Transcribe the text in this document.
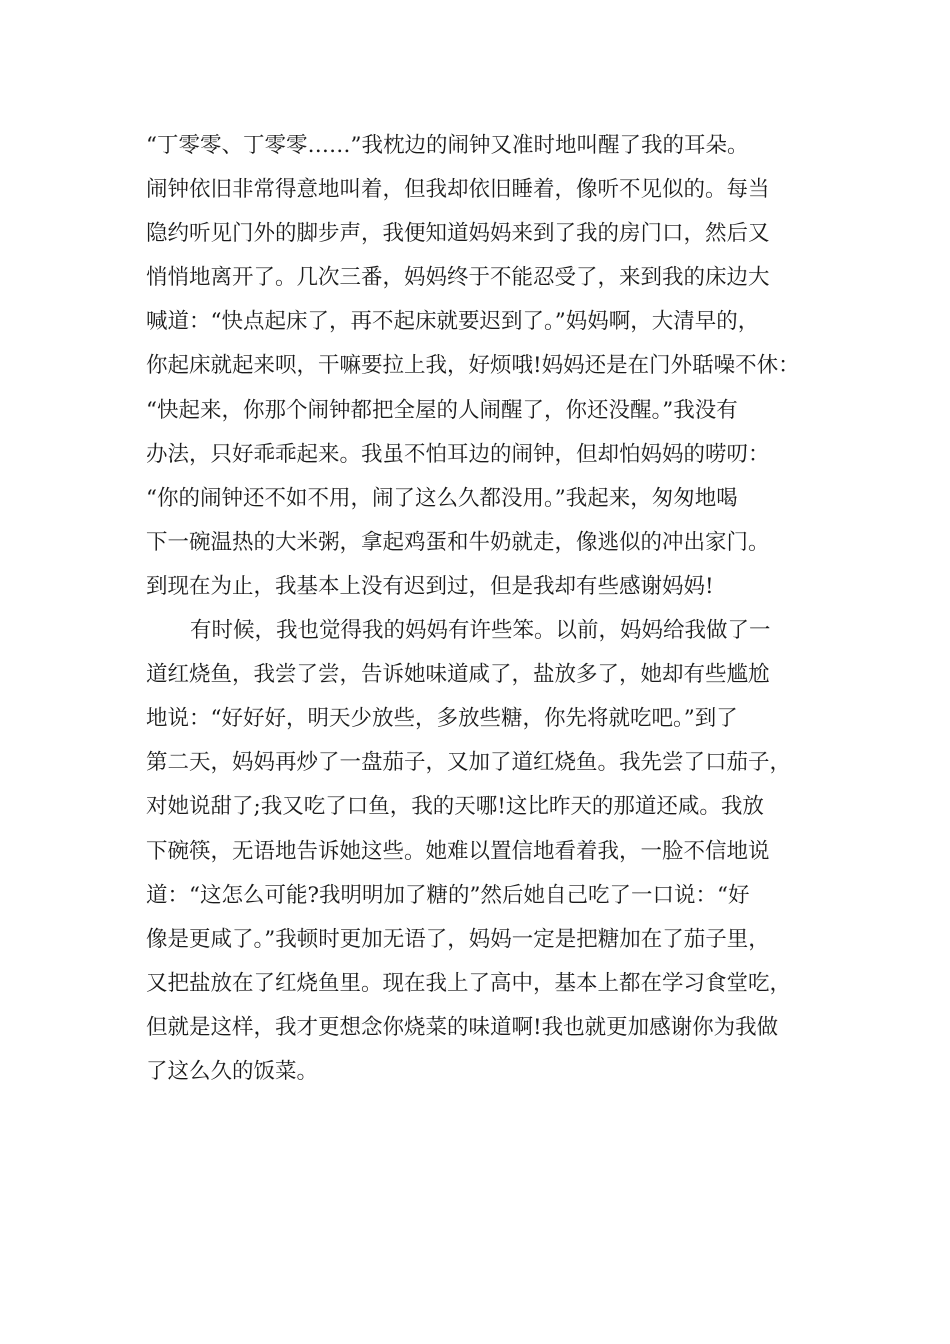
“丁零零、丁零零……”我枕边的闹钟又准时地叫醒了我的耳朵。
闹钟依旧非常得意地叫着，但我却依旧睡着，像听不见似的。每当
隐约听见门外的脚步声，我便知道妈妈来到了我的房门口，然后又
悄悄地离开了。几次三番，妈妈终于不能忍受了，来到我的床边大
喊道：“快点起床了，再不起床就要迟到了。”妈妈啊，大清早的，
你起床就起来呗，干嘛要拉上我，好烦哦!妈妈还是在门外聒噪不休：
“快起来，你那个闹钟都把全屋的人闹醒了，你还没醒。”我没有
办法，只好乖乖起来。我虽不怕耳边的闹钟，但却怕妈妈的唠叨：
“你的闹钟还不如不用，闹了这么久都没用。”我起来，匆匆地喝
下一碗温热的大米粥，拿起鸡蛋和牛奶就走，像逃似的冲出家门。
到现在为止，我基本上没有迟到过，但是我却有些感谢妈妈!
有时候，我也觉得我的妈妈有许些笨。以前，妈妈给我做了一
道红烧鱼，我尝了尝，告诉她味道咸了，盐放多了，她却有些尴尬
地说：“好好好，明天少放些，多放些糖，你先将就吃吧。”到了
第二天，妈妈再炒了一盘茄子，又加了道红烧鱼。我先尝了口茄子，
对她说甜了;我又吃了口鱼，我的天哪!这比昨天的那道还咸。我放
下碗筷，无语地告诉她这些。她难以置信地看着我，一脸不信地说
道：“这怎么可能?我明明加了糖的”然后她自己吃了一口说：“好
像是更咸了。”我顿时更加无语了，妈妈一定是把糖加在了茄子里，
又把盐放在了红烧鱼里。现在我上了高中，基本上都在学习食堂吃，
但就是这样，我才更想念你烧菜的味道啊!我也就更加感谢你为我做
了这么久的饭菜。
